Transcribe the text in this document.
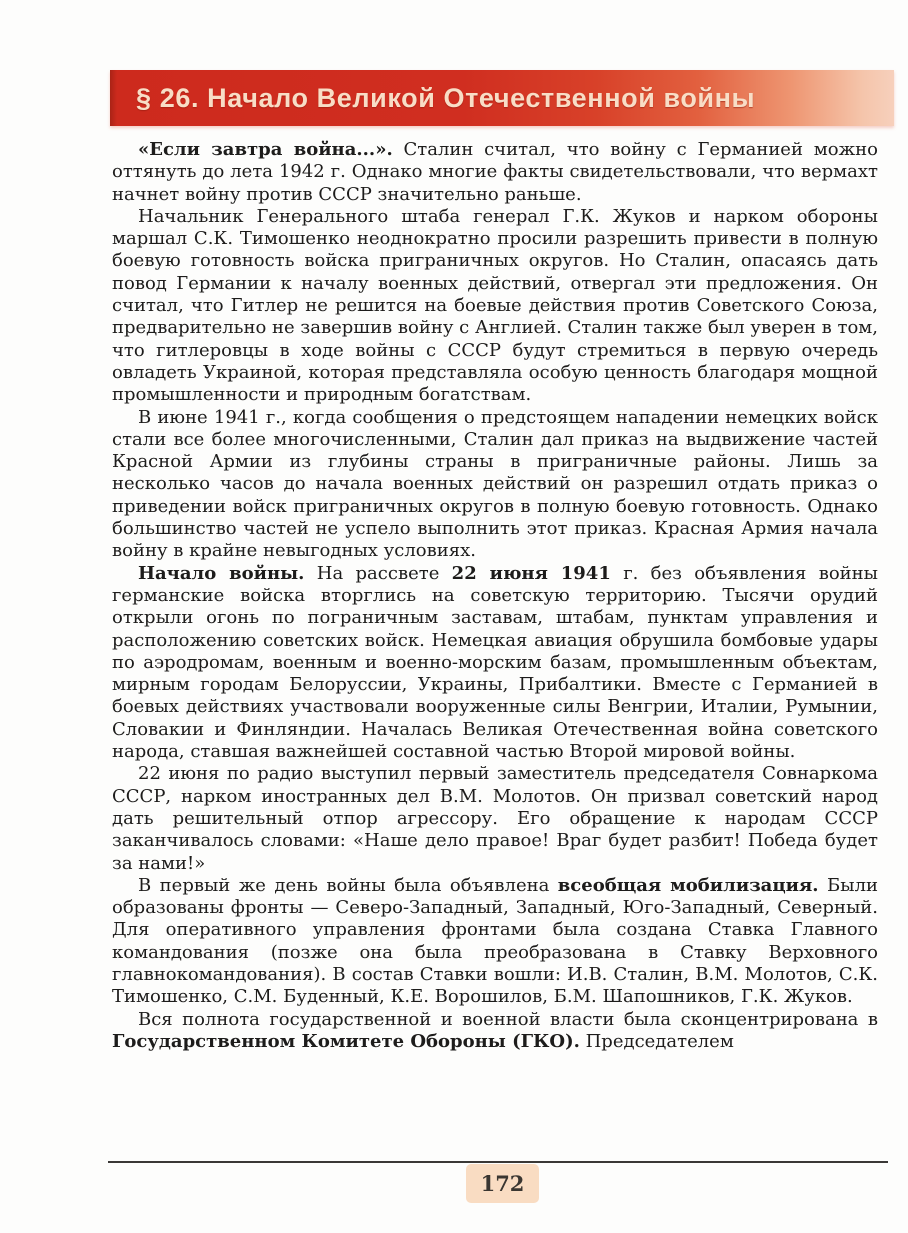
§ 26. Начало Великой Отечественной войны

«Если завтра война...». Сталин считал, что войну с Германией можно оттянуть до лета 1942 г. Однако многие факты свидетельствовали, что вермахт начнет войну против СССР значительно раньше.

Начальник Генерального штаба генерал Г.К. Жуков и нарком обороны маршал С.К. Тимошенко неоднократно просили разрешить привести в полную боевую готовность войска приграничных округов. Но Сталин, опасаясь дать повод Германии к началу военных действий, отвергал эти предложения. Он считал, что Гитлер не решится на боевые действия против Советского Союза, предварительно не завершив войну с Англией. Сталин также был уверен в том, что гитлеровцы в ходе войны с СССР будут стремиться в первую очередь овладеть Украиной, которая представляла особую ценность благодаря мощной промышленности и природным богатствам.

В июне 1941 г., когда сообщения о предстоящем нападении немецких войск стали все более многочисленными, Сталин дал приказ на выдвижение частей Красной Армии из глубины страны в приграничные районы. Лишь за несколько часов до начала военных действий он разрешил отдать приказ о приведении войск приграничных округов в полную боевую готовность. Однако большинство частей не успело выполнить этот приказ. Красная Армия начала войну в крайне невыгодных условиях.

Начало войны. На рассвете 22 июня 1941 г. без объявления войны германские войска вторглись на советскую территорию. Тысячи орудий открыли огонь по пограничным заставам, штабам, пунктам управления и расположению советских войск. Немецкая авиация обрушила бомбовые удары по аэродромам, военным и военно-морским базам, промышленным объектам, мирным городам Белоруссии, Украины, Прибалтики. Вместе с Германией в боевых действиях участвовали вооруженные силы Венгрии, Италии, Румынии, Словакии и Финляндии. Началась Великая Отечественная война советского народа, ставшая важнейшей составной частью Второй мировой войны.

22 июня по радио выступил первый заместитель председателя Совнаркома СССР, нарком иностранных дел В.М. Молотов. Он призвал советский народ дать решительный отпор агрессору. Его обращение к народам СССР заканчивалось словами: «Наше дело правое! Враг будет разбит! Победа будет за нами!»

В первый же день войны была объявлена всеобщая мобилизация. Были образованы фронты — Северо-Западный, Западный, Юго-Западный, Северный. Для оперативного управления фронтами была создана Ставка Главного командования (позже она была преобразована в Ставку Верховного главнокомандования). В состав Ставки вошли: И.В. Сталин, В.М. Молотов, С.К. Тимошенко, С.М. Буденный, К.Е. Ворошилов, Б.М. Шапошников, Г.К. Жуков.

Вся полнота государственной и военной власти была сконцентрирована в Государственном Комитете Обороны (ГКО). Председателем

172
